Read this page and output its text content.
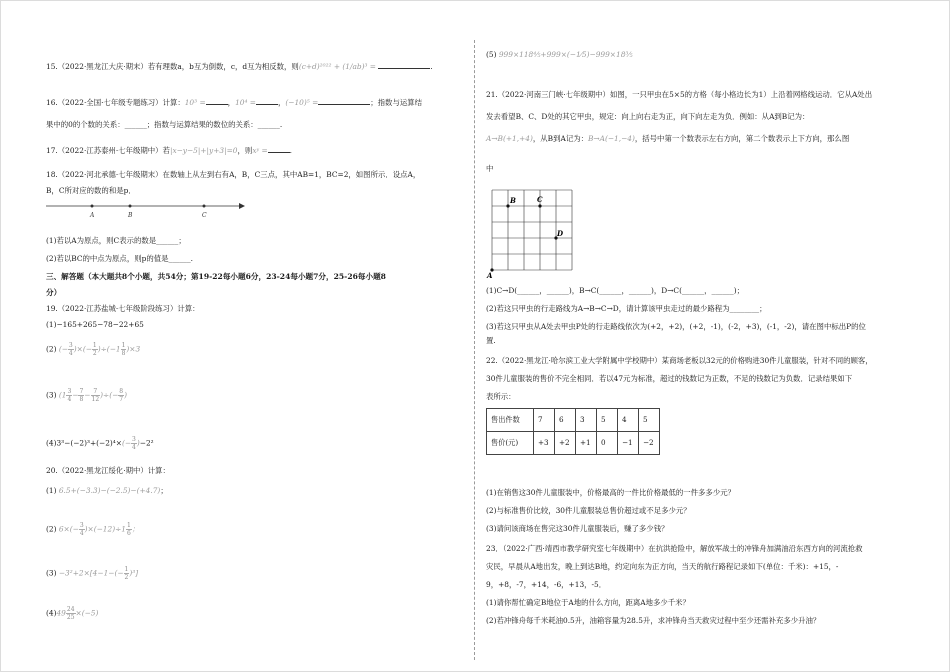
15.（2022·黑龙江大庆·期末）若有理数a，b互为倒数，c，d互为相反数，则(c+d)²⁰²² + (1/ab)³ =	.
16.（2022·全国·七年级专题练习）计算：10³ =	，10⁴ =	，(−10)⁵ =	；指数与运算结
果中的0的个数的关系：______；指数与运算结果的数位的关系：______.
17.（2022·江苏泰州·七年级期中）若|x−y−5|+|y+3|=0，则xʸ =	.
18.（2022·河北承德·七年级期末）在数轴上从左到右有A，B，C三点，其中AB=1，BC=2，如图所示．设点A，
B，C所对应的数的和是p．
A	B	C
(1)若以A为原点，则C表示的数是______；
(2)若以BC的中点为原点，则p的值是______.
三、解答题（本大题共8个小题，共54分；第19-22每小题6分，23-24每小题7分，25-26每小题8
分）
19.（2022·江苏盐城·七年级阶段练习）计算：
(1)−165+265−78−22+65
(2) (− $\frac{3}{4}$ )×(− $\frac{1}{2} )\div(-1 \frac{1}{8} )\times 3$
(3) ($1 \frac{3}{4} - \frac{7}{8} - \frac{7}{12}$ )÷(− $\frac{8}{7}$ )
$(4)3^3-(-2)^3+(-2)^4\times(- \frac{3}{4} )-2^2$
20.（2022·黑龙江绥化·期中）计算：
(1) 6.5+(−3.3)−(−2.5)−(+4.7)；
(2) $6\times(- \frac{3}{4} )\times(-12)\div 1 \frac{1}{6}$ ；
$(3) -3^2+2\times[4-1-(- \frac{1}{2} )^3]$
$(4)49 \frac{24}{25} \times(-5)$
(5) 999×118⁴⁄₅+999×(−1⁄5)−999×18³⁄₅
21.（2022·河南三门峡·七年级期中）如图，一只甲虫在5×5的方格（每小格边长为1）上沿着网格线运动．它从A处出
发去看望B、C、D处的其它甲虫，规定：向上向右走为正，向下向左走为负．例如：从A到B记为：
A→B(+1,+4)，从B到A记为：B→A(−1,−4)，括号中第一个数表示左右方向，第二个数表示上下方向，那么图
中
A
B	C
D
(1)C→D(______，______)，B→C(______，______)，D→C(______，______)；
(2)若这只甲虫的行走路线为A→B→C→D，请计算该甲虫走过的最少路程为________；
(3)若这只甲虫从A处去甲虫P处的行走路线依次为(+2，+2)，(+2，-1)，(-2，+3)，(-1，-2)，请在图中标出P的位
置.
22.（2022·黑龙江·哈尔滨工业大学附属中学校期中）某商场老板以32元的价格购进30件儿童服装，针对不同的顾客，
30件儿童服装的售价不完全相同．若以47元为标准，超过的钱数记为正数，不足的钱数记为负数．记录结果如下
表所示：
售出件数	7	6	3	5	4	5
售价(元)	+3	+2	+1	0	−1	−2
(1)在销售这30件儿童服装中，价格最高的一件比价格最低的一件多多少元？
(2)与标准售价比较，30件儿童服装总售价超过或不足多少元？
(3)请问该商场在售完这30件儿童服装后，赚了多少钱？
23．（2022·广西·靖西市教学研究室七年级期中）在抗洪抢险中，解放军战士的冲锋舟加满油沿东西方向的河流抢救
灾民，早晨从A地出发，晚上到达B地，约定向东为正方向，当天的航行路程记录如下(单位：千米)：+15，-
9，+8，-7，+14，-6，+13，-5．
(1)请你帮忙确定B地位于A地的什么方向，距离A地多少千米？
(2)若冲锋舟每千米耗油0.5升，油箱容量为28.5升，求冲锋舟当天救灾过程中至少还需补充多少升油？
